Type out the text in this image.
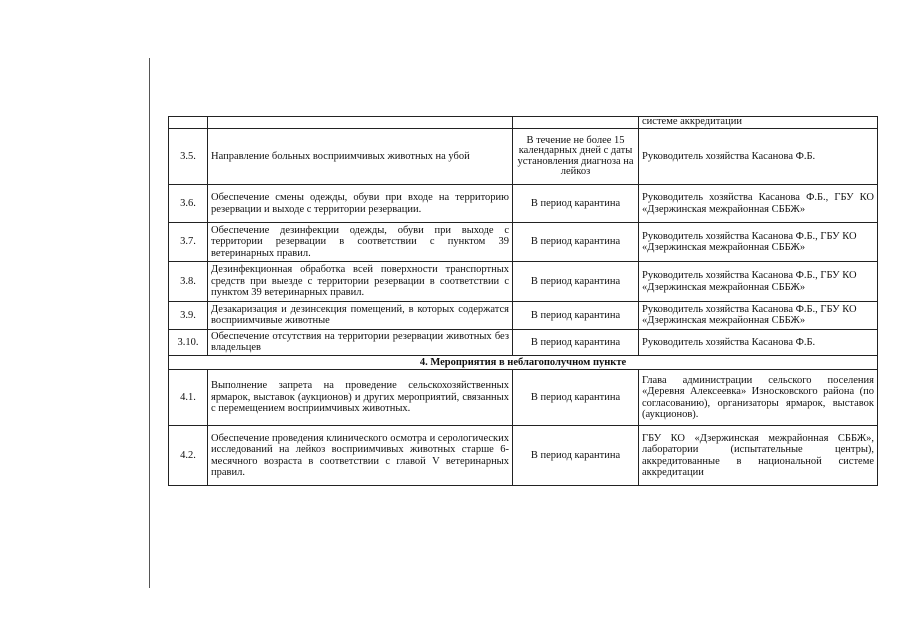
			системе аккредитации
3.5.	Направление больных восприимчивых животных на убой	В течение не более 15 календарных дней с даты установления диагноза на лейкоз	Руководитель хозяйства Касанова Ф.Б.
3.6.	Обеспечение смены одежды, обуви при входе на территорию резервации и выходе с территории резервации.	В период карантина	Руководитель хозяйства Касанова Ф.Б., ГБУ КО «Дзержинская межрайонная СББЖ»
3.7.	Обеспечение дезинфекции одежды, обуви при выходе с территории резервации в соответствии с пунктом 39 ветеринарных правил.	В период карантина	Руководитель хозяйства Касанова Ф.Б., ГБУ КО «Дзержинская межрайонная СББЖ»
3.8.	Дезинфекционная обработка всей поверхности транспортных средств при выезде с территории резервации в соответствии с пунктом 39 ветеринарных правил.	В период карантина	Руководитель хозяйства Касанова Ф.Б., ГБУ КО «Дзержинская межрайонная СББЖ»
3.9.	Дезакаризация и дезинсекция помещений, в которых содержатся восприимчивые животные	В период карантина	Руководитель хозяйства Касанова Ф.Б., ГБУ КО «Дзержинская межрайонная СББЖ»
3.10.	Обеспечение отсутствия на территории резервации животных без владельцев	В период карантина	Руководитель хозяйства Касанова Ф.Б.
4. Мероприятия в неблагополучном пункте			
4.1.	Выполнение запрета на проведение сельскохозяйственных ярмарок, выставок (аукционов) и других мероприятий, связанных с перемещением восприимчивых животных.	В период карантина	Глава администрации сельского поселения «Деревня Алексеевка» Износковского района (по согласованию), организаторы ярмарок, выставок (аукционов).
4.2.	Обеспечение проведения клинического осмотра и серологических исследований на лейкоз восприимчивых животных старше 6-месячного возраста в соответствии с главой V ветеринарных правил.	В период карантина	ГБУ КО «Дзержинская межрайонная СББЖ», лаборатории (испытательные центры), аккредитованные в национальной системе аккредитации
